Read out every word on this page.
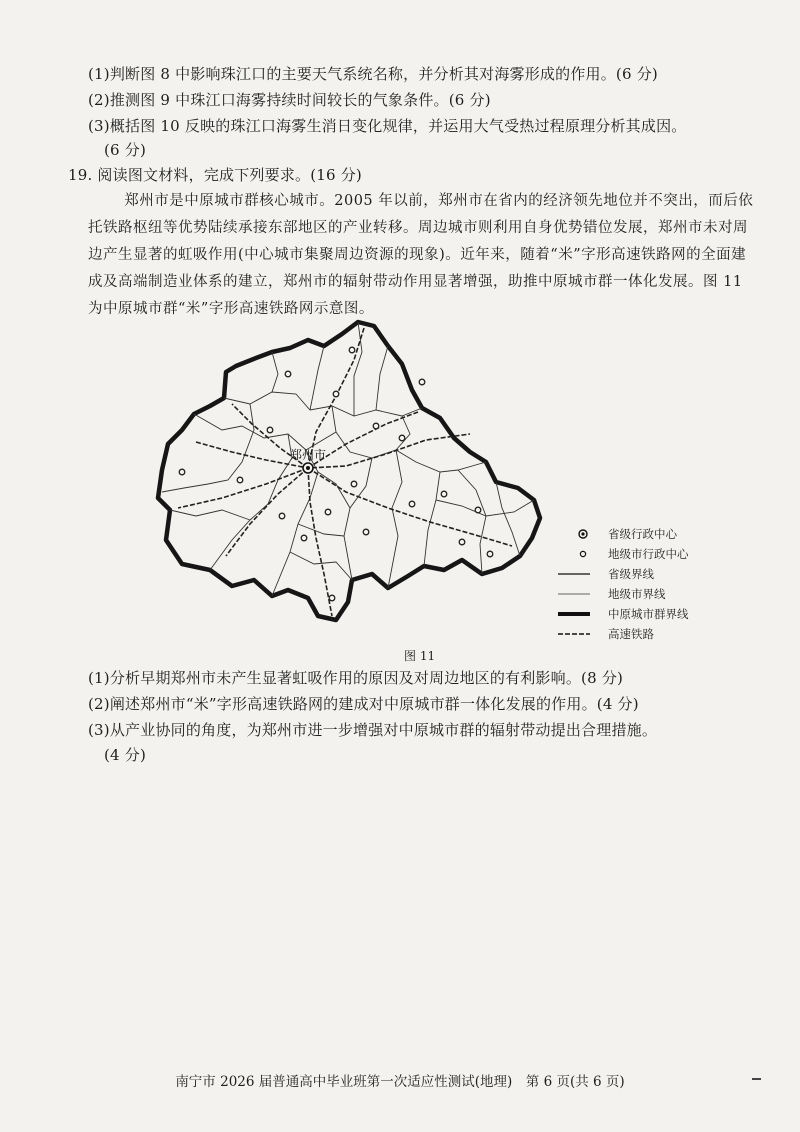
(1)判断图 8 中影响珠江口的主要天气系统名称，并分析其对海雾形成的作用。(6 分)
(2)推测图 9 中珠江口海雾持续时间较长的气象条件。(6 分)
(3)概括图 10 反映的珠江口海雾生消日变化规律，并运用大气受热过程原理分析其成因。
(6 分)
19. 阅读图文材料，完成下列要求。(16 分)
郑州市是中原城市群核心城市。2005 年以前，郑州市在省内的经济领先地位并不突出，而后依托铁路枢纽等优势陆续承接东部地区的产业转移。周边城市则利用自身优势错位发展，郑州市未对周边产生显著的虹吸作用(中心城市集聚周边资源的现象)。近年来，随着“米”字形高速铁路网的全面建成及高端制造业体系的建立，郑州市的辐射带动作用显著增强，助推中原城市群一体化发展。图 11 为中原城市群“米”字形高速铁路网示意图。
郑州市
省级行政中心
地级市行政中心
省级界线
地级市界线
中原城市群界线
高速铁路
图 11
(1)分析早期郑州市未产生显著虹吸作用的原因及对周边地区的有利影响。(8 分)
(2)阐述郑州市“米”字形高速铁路网的建成对中原城市群一体化发展的作用。(4 分)
(3)从产业协同的角度，为郑州市进一步增强对中原城市群的辐射带动提出合理措施。
(4 分)
南宁市 2026 届普通高中毕业班第一次适应性测试(地理)　第 6 页(共 6 页)
